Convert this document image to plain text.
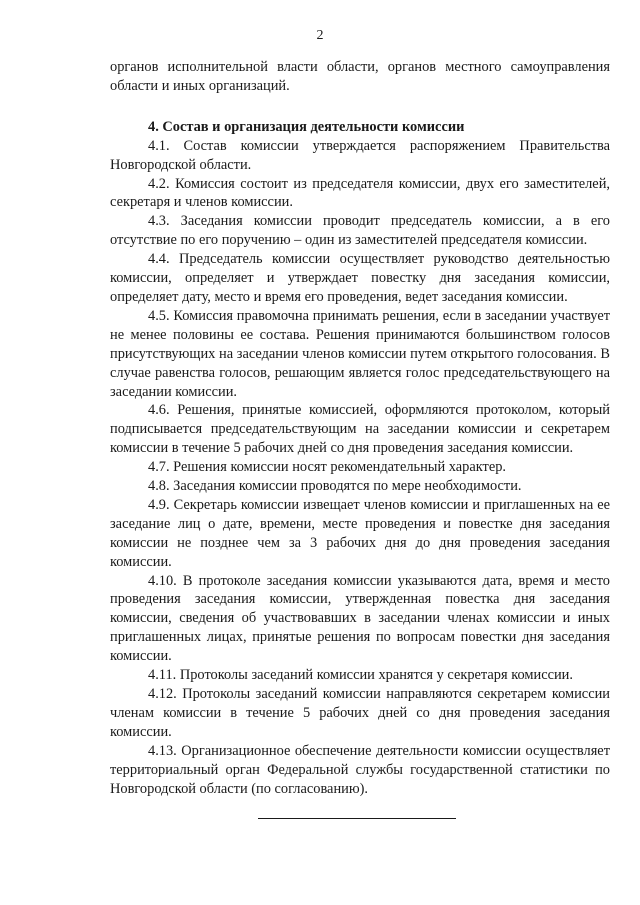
2

органов исполнительной власти области, органов местного самоуправления области и иных организаций.

4. Состав и организация деятельности комиссии

4.1. Состав комиссии утверждается распоряжением Правительства Новгородской области.

4.2. Комиссия состоит из председателя комиссии, двух его заместителей, секретаря и членов комиссии.

4.3. Заседания комиссии проводит председатель комиссии, а в его отсутствие по его поручению – один из заместителей председателя комиссии.

4.4. Председатель комиссии осуществляет руководство деятельностью комиссии, определяет и утверждает повестку дня заседания комиссии, определяет дату, место и время его проведения, ведет заседания комиссии.

4.5. Комиссия правомочна принимать решения, если в заседании участвует не менее половины ее состава. Решения принимаются большинством голосов присутствующих на заседании членов комиссии путем открытого голосования. В случае равенства голосов, решающим является голос председательствующего на заседании комиссии.

4.6. Решения, принятые комиссией, оформляются протоколом, который подписывается председательствующим на заседании комиссии и секретарем комиссии в течение 5 рабочих дней со дня проведения заседания комиссии.

4.7. Решения комиссии носят рекомендательный характер.

4.8. Заседания комиссии проводятся по мере необходимости.

4.9. Секретарь комиссии извещает членов комиссии и приглашенных на ее заседание лиц о дате, времени, месте проведения и повестке дня заседания комиссии не позднее чем за 3 рабочих дня до дня проведения заседания комиссии.

4.10. В протоколе заседания комиссии указываются дата, время и место проведения заседания комиссии, утвержденная повестка дня заседания комиссии, сведения об участвовавших в заседании членах комиссии и иных приглашенных лицах, принятые решения по вопросам повестки дня заседания комиссии.

4.11. Протоколы заседаний комиссии хранятся у секретаря комиссии.

4.12. Протоколы заседаний комиссии направляются секретарем комиссии членам комиссии в течение 5 рабочих дней со дня проведения заседания комиссии.

4.13. Организационное обеспечение деятельности комиссии осуществляет территориальный орган Федеральной службы государственной статистики по Новгородской области (по согласованию).
